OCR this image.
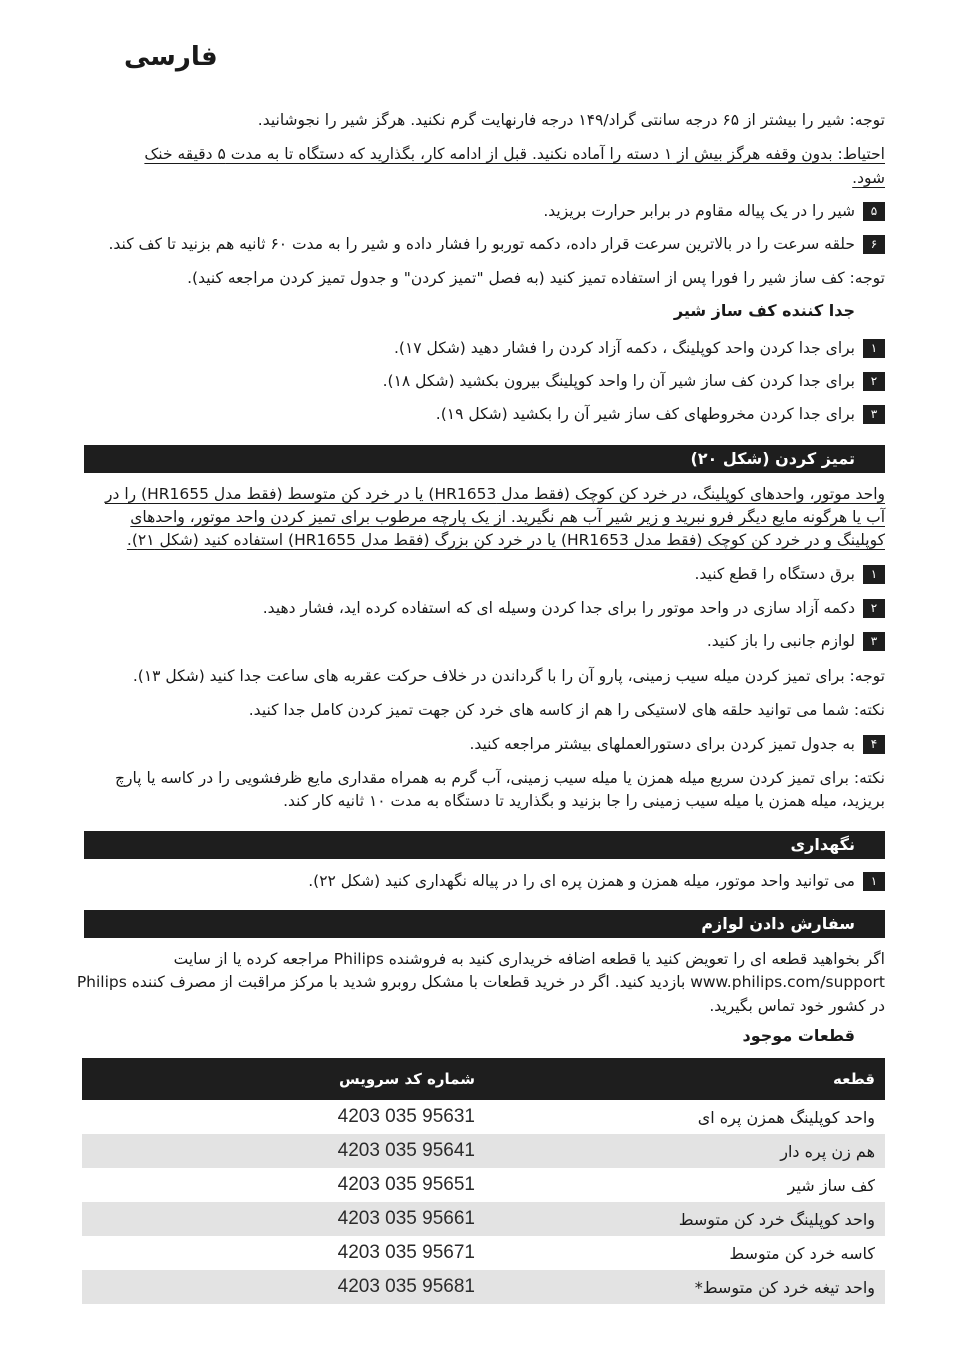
فارسی
توجه: شیر را بیشتر از ۶۵ درجه سانتی گراد/۱۴۹ درجه فارنهایت گرم نکنید. هرگز شیر را نجوشانید.
احتیاط: بدون وقفه هرگز بیش از ۱ دسته را آماده نکنید. قبل از ادامه کار، بگذارید که دستگاه تا به مدت ۵ دقیقه خنک
شود.
۵
شیر را در یک پیاله مقاوم در برابر حرارت بریزید.
۶
حلقه سرعت را در بالاترین سرعت قرار داده، دکمه توربو را فشار داده و شیر را به مدت ۶۰ ثانیه هم بزنید تا کف کند.
توجه: کف ساز شیر را فورا پس از استفاده تمیز کنید (به فصل "تمیز کردن" و جدول تمیز کردن مراجعه کنید).
جدا کننده کف ساز شیر
۱
برای جدا کردن واحد کوپلینگ ، دکمه آزاد کردن را فشار دهید (شکل ۱۷).
۲
برای جدا کردن کف ساز شیر آن را واحد کوپلینگ بیرون بکشید (شکل ۱۸).
۳
برای جدا کردن مخروطهای کف ساز شیر آن را بکشید (شکل ۱۹).
تمیز کردن (شکل ۲۰)
واحد موتور، واحدهای کوپلینگ، در خرد کن کوچک (فقط مدل HR1653) یا در خرد کن متوسط (فقط مدل HR1655) را در
آب یا هرگونه مایع دیگر فرو نبرید و زیر شیر آب هم نگیرید. از یک پارچه مرطوب برای تمیز کردن واحد موتور، واحدهای
کوپلینگ و در خرد کن کوچک (فقط مدل HR1653) یا در خرد کن بزرگ (فقط مدل HR1655) استفاده کنید (شکل ۲۱).
۱
برق دستگاه را قطع کنید.
۲
دکمه آزاد سازی در واحد موتور را برای جدا کردن وسیله ای که استفاده کرده اید، فشار دهید.
۳
لوازم جانبی را باز کنید.
توجه: برای تمیز کردن میله سیب زمینی، پارو آن را با گرداندن در خلاف حرکت عقربه های ساعت جدا کنید (شکل ۱۳).
نکته: شما می توانید حلقه های لاستیکی را هم از کاسه های خرد کن جهت تمیز کردن کامل جدا کنید.
۴
به جدول تمیز کردن برای دستورالعملهای بیشتر مراجعه کنید.
نکته: برای تمیز کردن سریع میله همزن یا میله سیب زمینی، آب گرم به همراه مقداری مایع ظرفشویی را در کاسه یا پارچ
بریزید، میله همزن یا میله سیب زمینی را جا بزنید و بگذارید تا دستگاه به مدت ۱۰ ثانیه کار کند.
نگهداری
۱
می توانید واحد موتور، میله همزن و همزن پره ای را در پیاله نگهداری کنید (شکل ۲۲).
سفارش دادن لوازم
اگر بخواهید قطعه ای را تعویض کنید یا قطعه اضافه خریداری کنید به فروشنده Philips مراجعه کرده یا از سایت
www.philips.com/support بازدید کنید. اگر در خرید قطعات با مشکل روبرو شدید با مرکز مراقبت از مصرف کننده Philips
در کشور خود تماس بگیرید.
قطعات موجود
شماره کد سرویس	قطعه
4203 035 95631	واحد کوپلینگ همزن پره ای
4203 035 95641	هم زن پره دار
4203 035 95651	کف ساز شیر
4203 035 95661	واحد کوپلینگ خرد کن متوسط
4203 035 95671	کاسه خرد کن متوسط
4203 035 95681	واحد تیغه خرد کن متوسط*
